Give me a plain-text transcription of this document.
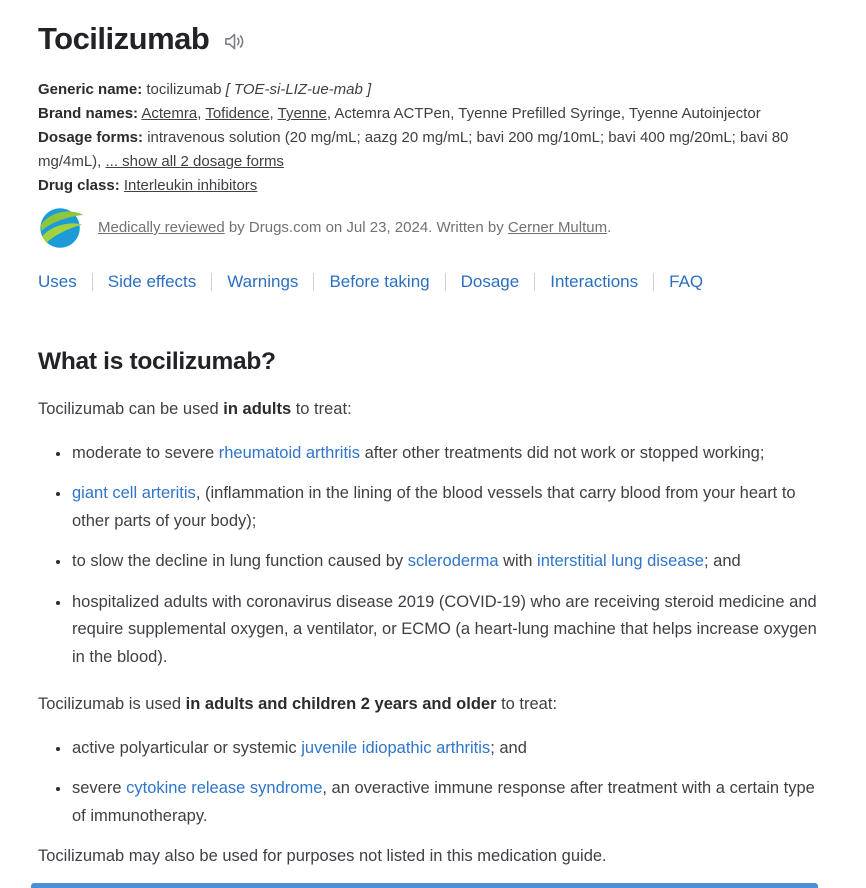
Tocilizumab
Generic name: tocilizumab [ TOE-si-LIZ-ue-mab ]
Brand names: Actemra, Tofidence, Tyenne, Actemra ACTPen, Tyenne Prefilled Syringe, Tyenne Autoinjector
Dosage forms: intravenous solution (20 mg/mL; aazg 20 mg/mL; bavi 200 mg/10mL; bavi 400 mg/20mL; bavi 80 mg/4mL), ... show all 2 dosage forms
Drug class: Interleukin inhibitors
Medically reviewed by Drugs.com on Jul 23, 2024. Written by Cerner Multum.
Uses Side effects Warnings Before taking Dosage Interactions FAQ
What is tocilizumab?

Tocilizumab can be used in adults to treat:

• moderate to severe rheumatoid arthritis after other treatments did not work or stopped working;
• giant cell arteritis, (inflammation in the lining of the blood vessels that carry blood from your heart to other parts of your body);
• to slow the decline in lung function caused by scleroderma with interstitial lung disease; and
• hospitalized adults with coronavirus disease 2019 (COVID-19) who are receiving steroid medicine and require supplemental oxygen, a ventilator, or ECMO (a heart-lung machine that helps increase oxygen in the blood).

Tocilizumab is used in adults and children 2 years and older to treat:

• active polyarticular or systemic juvenile idiopathic arthritis; and
• severe cytokine release syndrome, an overactive immune response after treatment with a certain type of immunotherapy.

Tocilizumab may also be used for purposes not listed in this medication guide.
